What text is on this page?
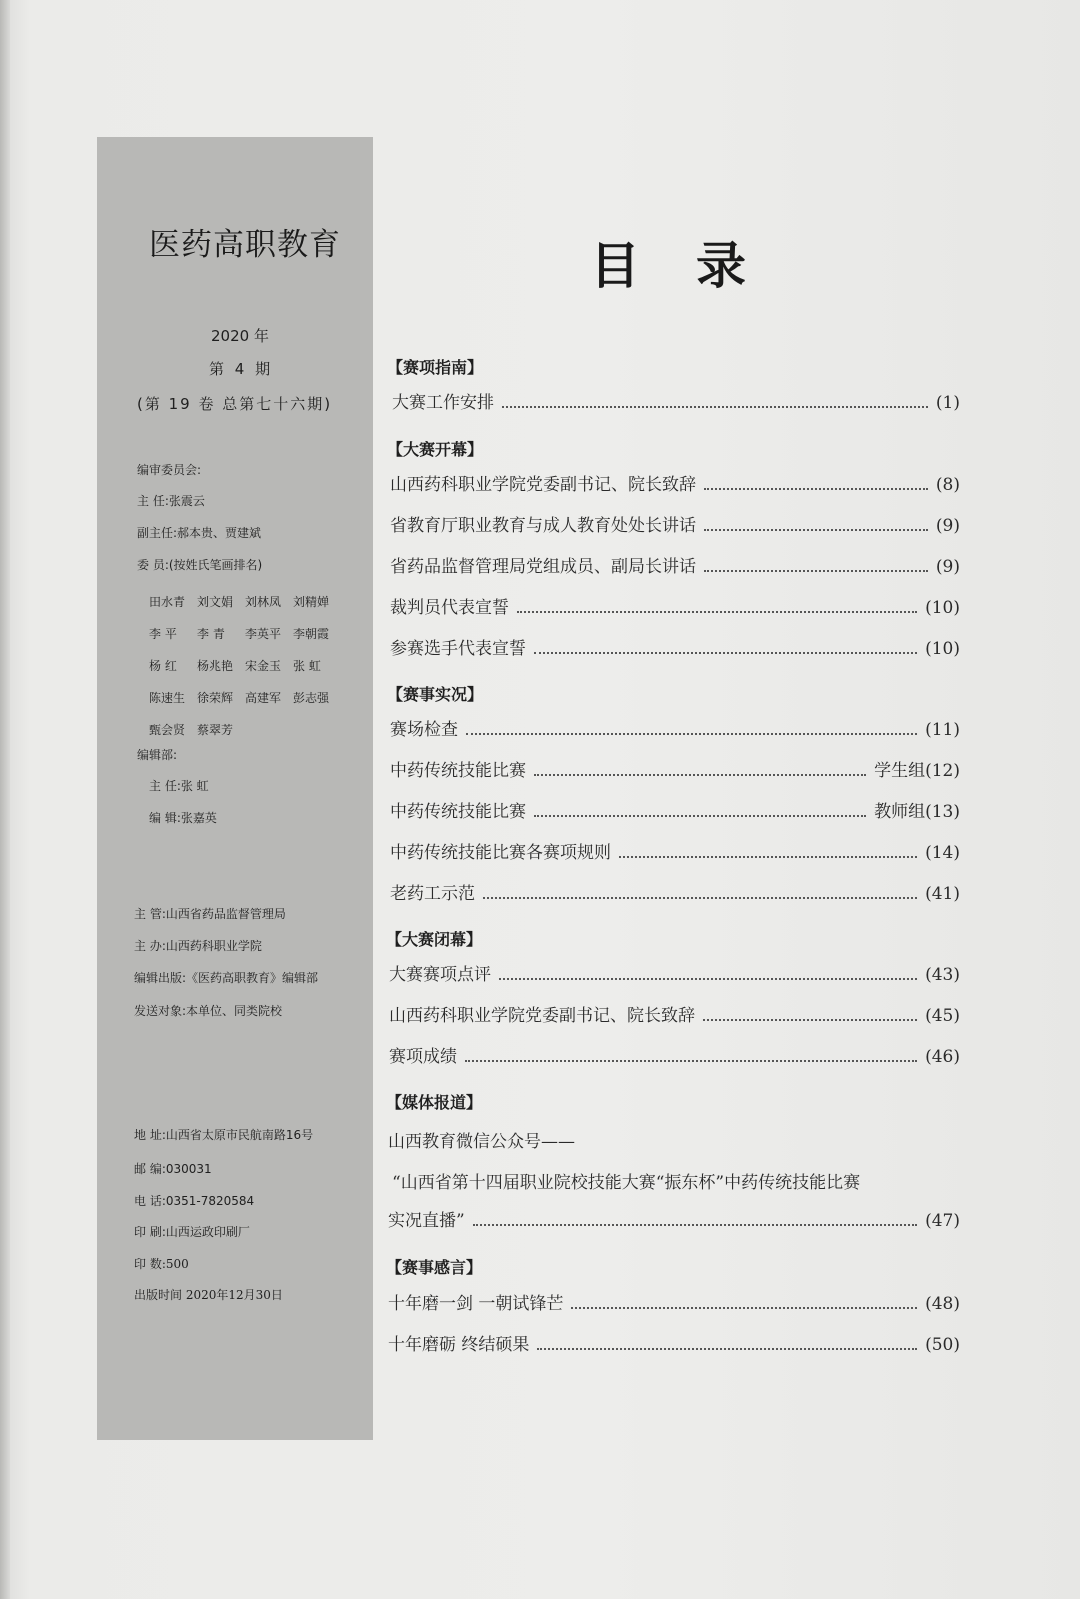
医药高职教育
2020 年
第 4 期
(第 19 卷 总第七十六期)
编审委员会:
主 任:张震云
副主任:郝本贵、贾建斌
委 员:(按姓氏笔画排名)
田水青 刘文娟 刘林凤 刘精婵
李 平	李 青	李英平 李朝霞
杨 红	杨兆艳 宋金玉 张 虹
陈速生 徐荣辉 高建军 彭志强
甄会贤 蔡翠芳
编辑部:
主 任:张 虹
编 辑:张嘉英
主 管:山西省药品监督管理局
主 办:山西药科职业学院
编辑出版:《医药高职教育》编辑部
发送对象:本单位、同类院校
地 址:山西省太原市民航南路16号
邮 编:030031
电 话:0351-7820584
印 刷:山西运政印刷厂
印 数:500
出版时间 2020年12月30日
目录
【赛项指南】
大赛工作安排	(1)
【大赛开幕】
山西药科职业学院党委副书记、院长致辞	(8)
省教育厅职业教育与成人教育处处长讲话	(9)
省药品监督管理局党组成员、副局长讲话	(9)
裁判员代表宣誓	(10)
参赛选手代表宣誓	(10)
【赛事实况】
赛场检查	(11)
中药传统技能比赛	学生组(12)
中药传统技能比赛	教师组(13)
中药传统技能比赛各赛项规则	(14)
老药工示范	(41)
【大赛闭幕】
大赛赛项点评	(43)
山西药科职业学院党委副书记、院长致辞	(45)
赛项成绩	(46)
【媒体报道】
山西教育微信公众号——
“山西省第十四届职业院校技能大赛“振东杯”中药传统技能比赛
实况直播”	(47)
【赛事感言】
十年磨一剑 一朝试锋芒	(48)
十年磨砺 终结硕果	(50)
